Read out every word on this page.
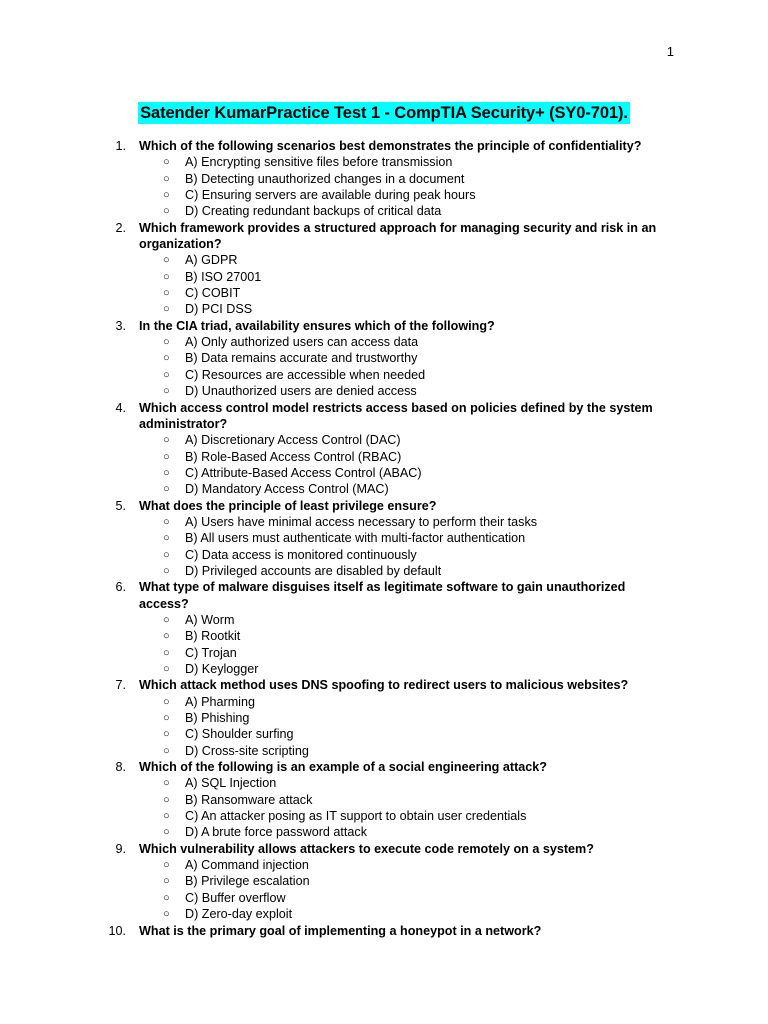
1
Satender KumarPractice Test 1 - CompTIA Security+ (SY0-701).
1. Which of the following scenarios best demonstrates the principle of confidentiality?
○ A) Encrypting sensitive files before transmission
○ B) Detecting unauthorized changes in a document
○ C) Ensuring servers are available during peak hours
○ D) Creating redundant backups of critical data
2. Which framework provides a structured approach for managing security and risk in an organization?
○ A) GDPR
○ B) ISO 27001
○ C) COBIT
○ D) PCI DSS
3. In the CIA triad, availability ensures which of the following?
○ A) Only authorized users can access data
○ B) Data remains accurate and trustworthy
○ C) Resources are accessible when needed
○ D) Unauthorized users are denied access
4. Which access control model restricts access based on policies defined by the system administrator?
○ A) Discretionary Access Control (DAC)
○ B) Role-Based Access Control (RBAC)
○ C) Attribute-Based Access Control (ABAC)
○ D) Mandatory Access Control (MAC)
5. What does the principle of least privilege ensure?
○ A) Users have minimal access necessary to perform their tasks
○ B) All users must authenticate with multi-factor authentication
○ C) Data access is monitored continuously
○ D) Privileged accounts are disabled by default
6. What type of malware disguises itself as legitimate software to gain unauthorized access?
○ A) Worm
○ B) Rootkit
○ C) Trojan
○ D) Keylogger
7. Which attack method uses DNS spoofing to redirect users to malicious websites?
○ A) Pharming
○ B) Phishing
○ C) Shoulder surfing
○ D) Cross-site scripting
8. Which of the following is an example of a social engineering attack?
○ A) SQL Injection
○ B) Ransomware attack
○ C) An attacker posing as IT support to obtain user credentials
○ D) A brute force password attack
9. Which vulnerability allows attackers to execute code remotely on a system?
○ A) Command injection
○ B) Privilege escalation
○ C) Buffer overflow
○ D) Zero-day exploit
10. What is the primary goal of implementing a honeypot in a network?
